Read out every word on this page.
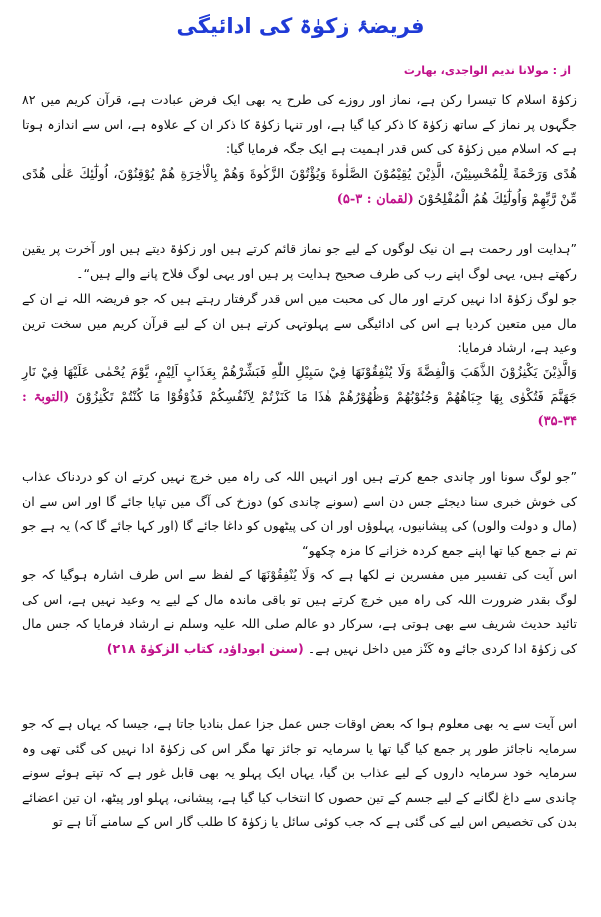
فریضۂ زکوٰۃ کی ادائیگی
از : مولانا ندیم الواجدی، بھارت

زکوٰۃ اسلام کا تیسرا رکن ہے، نماز اور روزے کی طرح یہ بھی ایک فرض عبادت ہے، قرآن کریم میں ۸۲ جگہوں پر نماز کے ساتھ زکوٰۃ کا ذکر کیا گیا ہے، اور تنہا زکوٰۃ کا ذکر ان کے علاوہ ہے، اس سے اندازہ ہوتا ہے کہ اسلام میں زکوٰۃ کی کس قدر اہمیت ہے ایک جگہ فرمایا گیا:

هُدًى وَرَحْمَةً لِلْمُحْسِنِيْنَ، الَّذِيْنَ يُقِيْمُوْنَ الصَّلٰوةَ وَيُؤْتُوْنَ الزَّكٰوةَ وَهُمْ بِالْاٰخِرَةِ هُمْ يُوْقِنُوْنَ، اُولٰٓئِكَ عَلٰى هُدًى مِّنْ رَّبِّهِمْ وَاُولٰٓئِكَ هُمُ الْمُفْلِحُوْنَ (لقمان : ۳-۵)

”ہدایت اور رحمت ہے ان نیک لوگوں کے لیے جو نماز قائم کرتے ہیں اور زکوٰۃ دیتے ہیں اور آخرت پر یقین رکھتے ہیں، یہی لوگ اپنے رب کی طرف صحیح ہدایت پر ہیں اور یہی لوگ فلاح پانے والے ہیں“۔

جو لوگ زکوٰۃ ادا نہیں کرتے اور مال کی محبت میں اس قدر گرفتار رہتے ہیں کہ جو فریضہ اللہ نے ان کے مال میں متعین کردیا ہے اس کی ادائیگی سے پہلوتہی کرتے ہیں ان کے لیے قرآن کریم میں سخت ترین وعید ہے، ارشاد فرمایا:

وَالَّذِيْنَ يَكْنِزُوْنَ الذَّهَبَ وَالْفِضَّةَ وَلَا يُنْفِقُوْنَهَا فِيْ سَبِيْلِ اللّٰهِ فَبَشِّرْهُمْ بِعَذَابٍ اَلِيْمٍ، يَّوْمَ يُحْمٰى عَلَيْهَا فِيْ نَارِ جَهَنَّمَ فَتُكْوٰى بِهَا جِبَاهُهُمْ وَجُنُوْبُهُمْ وَظُهُوْرُهُمْ هٰذَا مَا كَنَزْتُمْ لِاَنْفُسِكُمْ فَذُوْقُوْا مَا كُنْتُمْ تَكْنِزُوْنَ (التوبۃ : ۳۴-۳۵)

”جو لوگ سونا اور چاندی جمع کرتے ہیں اور انہیں اللہ کی راہ میں خرچ نہیں کرتے ان کو دردناک عذاب کی خوش خبری سنا دیجئے جس دن اسے (سونے چاندی کو) دوزخ کی آگ میں تپایا جائے گا اور اس سے ان (مال و دولت والوں) کی پیشانیوں، پہلوؤں اور ان کی پیٹھوں کو داغا جائے گا (اور کہا جائے گا کہ) یہ ہے جو تم نے جمع کیا تھا اپنے جمع کردہ خزانے کا مزہ چکھو“

اس آیت کی تفسیر میں مفسرین نے لکھا ہے کہ وَلَا يُنْفِقُوْنَهَا کے لفظ سے اس طرف اشارہ ہوگیا کہ جو لوگ بقدر ضرورت اللہ کی راہ میں خرچ کرتے ہیں تو باقی ماندہ مال کے لیے یہ وعید نہیں ہے، اس کی تائید حدیث شریف سے بھی ہوتی ہے، سرکار دو عالم صلی اللہ علیہ وسلم نے ارشاد فرمایا کہ جس مال کی زکوٰۃ ادا کردی جائے وہ كَنْز میں داخل نہیں ہے۔ (سنن ابوداؤد، کتاب الزکوٰۃ ۲۱۸)

اس آیت سے یہ بھی معلوم ہوا کہ بعض اوقات جس عمل جزا عمل بنادیا جاتا ہے، جیسا کہ یہاں ہے کہ جو سرمایہ ناجائز طور پر جمع کیا گیا تھا یا سرمایہ تو جائز تھا مگر اس کی زکوٰۃ ادا نہیں کی گئی تھی وہ سرمایہ خود سرمایہ داروں کے لیے عذاب بن گیا، یہاں ایک پہلو یہ بھی قابل غور ہے کہ تپتے ہوئے سونے چاندی سے داغ لگانے کے لیے جسم کے تین حصوں کا انتخاب کیا گیا ہے، پیشانی، پہلو اور پیٹھ، ان تین اعضائے بدن کی تخصیص اس لیے کی گئی ہے کہ جب کوئی سائل یا زکوٰۃ کا طلب گار اس کے سامنے آتا ہے تو
